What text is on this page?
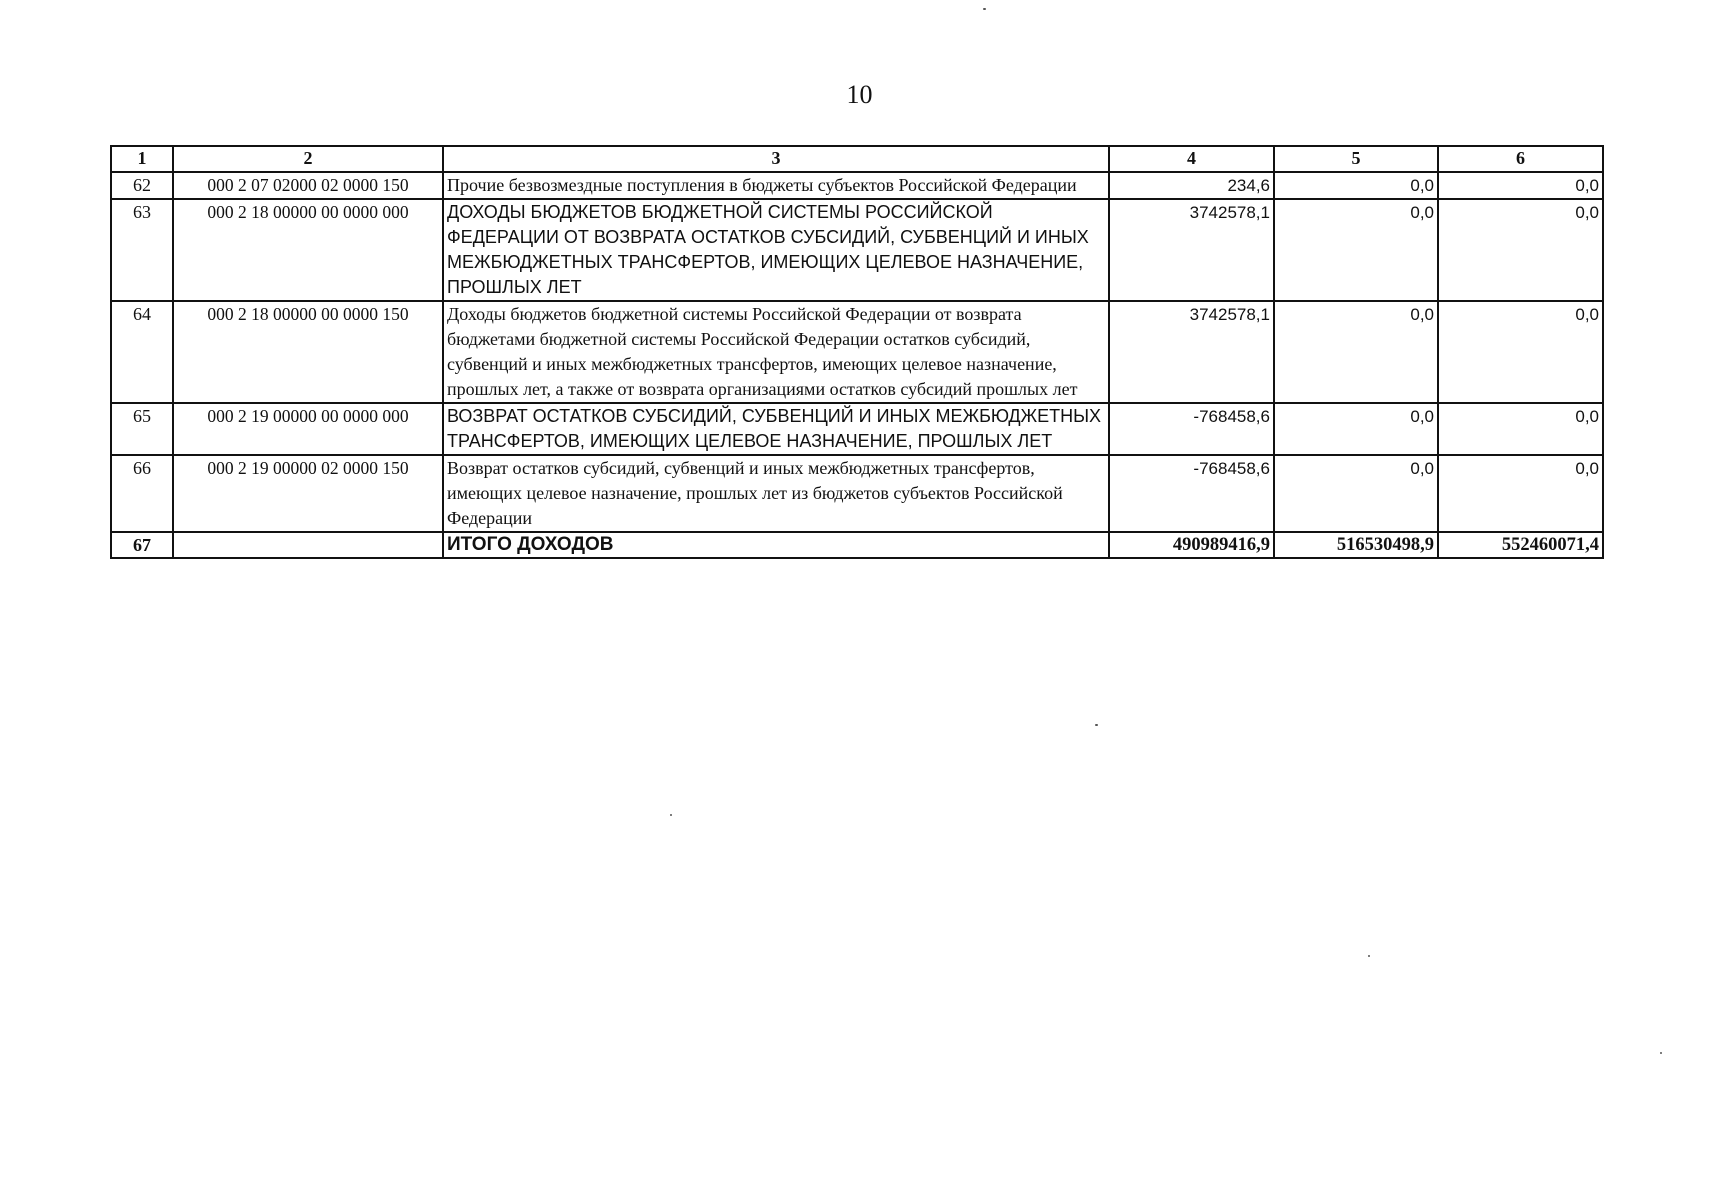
10
1	2	3	4	5	6
62	000 2 07 02000 02 0000 150	Прочие безвозмездные поступления в бюджеты субъектов Российской Федерации	234,6	0,0	0,0
63	000 2 18 00000 00 0000 000	ДОХОДЫ БЮДЖЕТОВ БЮДЖЕТНОЙ СИСТЕМЫ РОССИЙСКОЙ ФЕДЕРАЦИИ ОТ ВОЗВРАТА ОСТАТКОВ СУБСИДИЙ, СУБВЕНЦИЙ И ИНЫХ МЕЖБЮДЖЕТНЫХ ТРАНСФЕРТОВ, ИМЕЮЩИХ ЦЕЛЕВОЕ НАЗНАЧЕНИЕ, ПРОШЛЫХ ЛЕТ	3742578,1	0,0	0,0
64	000 2 18 00000 00 0000 150	Доходы бюджетов бюджетной системы Российской Федерации от возврата бюджетами бюджетной системы Российской Федерации остатков субсидий, субвенций и иных межбюджетных трансфертов, имеющих целевое назначение, прошлых лет, а также от возврата организациями остатков субсидий прошлых лет	3742578,1	0,0	0,0
65	000 2 19 00000 00 0000 000	ВОЗВРАТ ОСТАТКОВ СУБСИДИЙ, СУБВЕНЦИЙ И ИНЫХ МЕЖБЮДЖЕТНЫХ ТРАНСФЕРТОВ, ИМЕЮЩИХ ЦЕЛЕВОЕ НАЗНАЧЕНИЕ, ПРОШЛЫХ ЛЕТ	-768458,6	0,0	0,0
66	000 2 19 00000 02 0000 150	Возврат остатков субсидий, субвенций и иных межбюджетных трансфертов, имеющих целевое назначение, прошлых лет из бюджетов субъектов Российской Федерации	-768458,6	0,0	0,0
67		ИТОГО ДОХОДОВ	490989416,9	516530498,9	552460071,4
